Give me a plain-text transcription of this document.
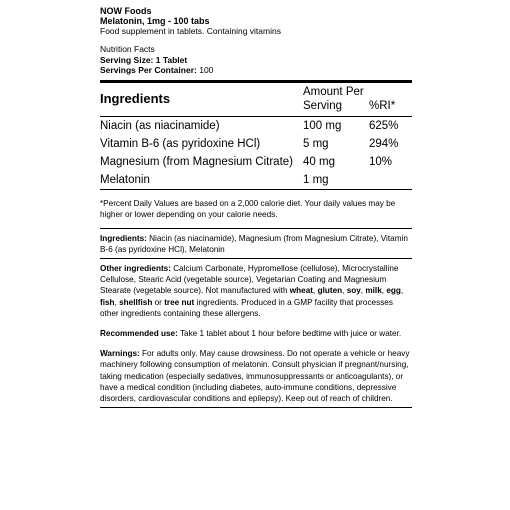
NOW Foods
Melatonin, 1mg - 100 tabs
Food supplement in tablets. Containing vitamins
Nutrition Facts
Serving Size: 1 Tablet
Servings Per Container: 100
Ingredients	Amount Per Serving	%RI*
Niacin (as niacinamide)	100 mg	625%
Vitamin B-6 (as pyridoxine HCl)	5 mg	294%
Magnesium (from Magnesium Citrate)	40 mg	10%
Melatonin	1 mg	
*Percent Daily Values are based on a 2,000 calorie diet. Your daily values may be higher or lower depending on your calorie needs.

Ingredients: Niacin (as niacinamide), Magnesium (from Magnesium Citrate), Vitamin B-6 (as pyridoxine HCl), Melatonin

Other ingredients: Calcium Carbonate, Hypromellose (cellulose), Microcrystalline Cellulose, Stearic Acid (vegetable source), Vegetarian Coating and Magnesium Stearate (vegetable source). Not manufactured with wheat, gluten, soy, milk, egg, fish, shellfish or tree nut ingredients. Produced in a GMP facility that processes other ingredients containing these allergens.

Recommended use: Take 1 tablet about 1 hour before bedtime with juice or water.

Warnings: For adults only. May cause drowsiness. Do not operate a vehicle or heavy machinery following consumption of melatonin. Consult physician if pregnant/nursing, taking medication (especially sedatives, immunosuppressants or anticoagulants), or have a medical condition (including diabetes, auto-immune conditions, depressive disorders, cardiovascular conditions and epilepsy). Keep out of reach of children.
